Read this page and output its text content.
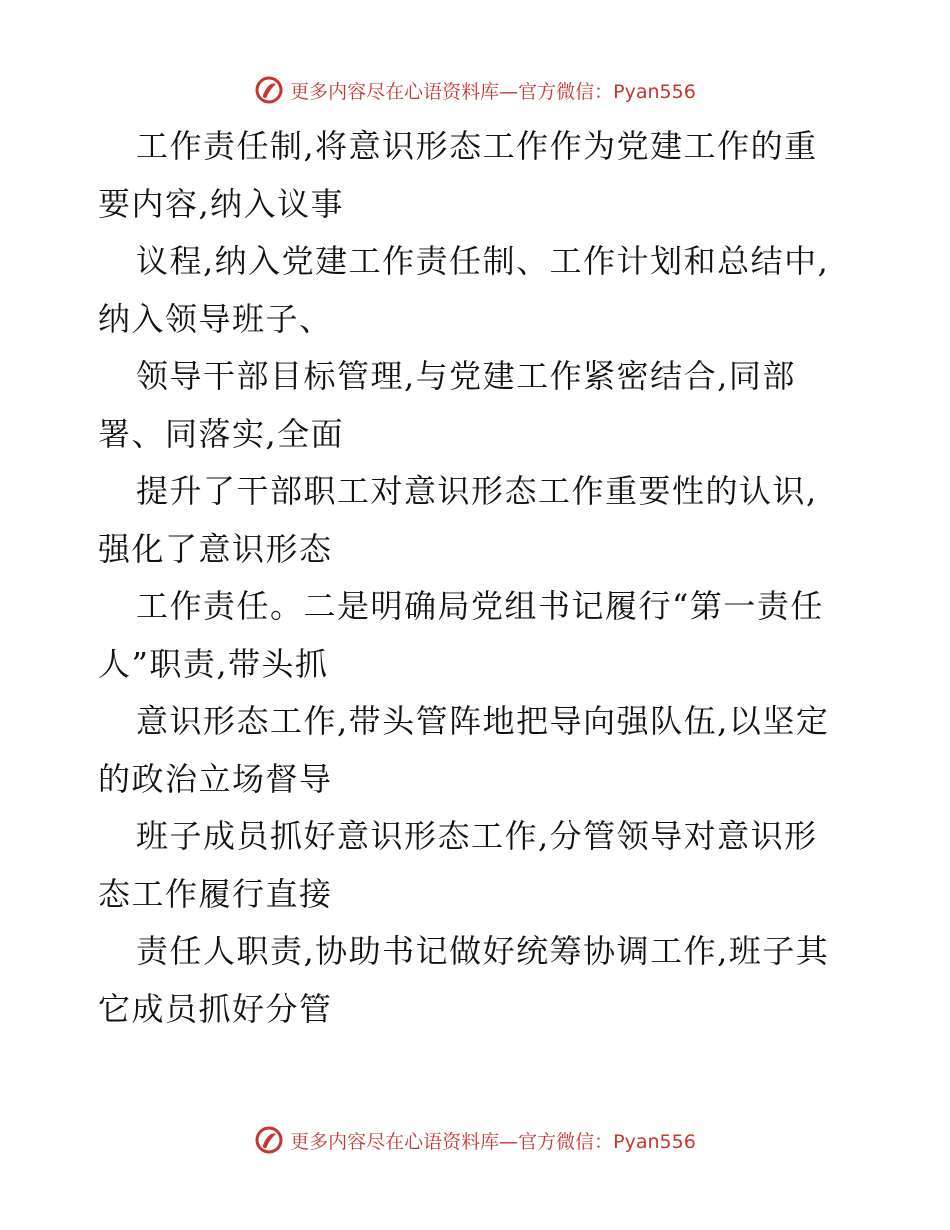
更多内容尽在心语资料库—官方微信：Pyan556

工作责任制,将意识形态工作作为党建工作的重
要内容,纳入议事

议程,纳入党建工作责任制、工作计划和总结中,
纳入领导班子、

领导干部目标管理,与党建工作紧密结合,同部
署、同落实,全面

提升了干部职工对意识形态工作重要性的认识,
强化了意识形态

工作责任。二是明确局党组书记履行“第一责任
人”职责,带头抓

意识形态工作,带头管阵地把导向强队伍,以坚定
的政治立场督导

班子成员抓好意识形态工作,分管领导对意识形
态工作履行直接

责任人职责,协助书记做好统筹协调工作,班子其
它成员抓好分管

更多内容尽在心语资料库—官方微信：Pyan556
